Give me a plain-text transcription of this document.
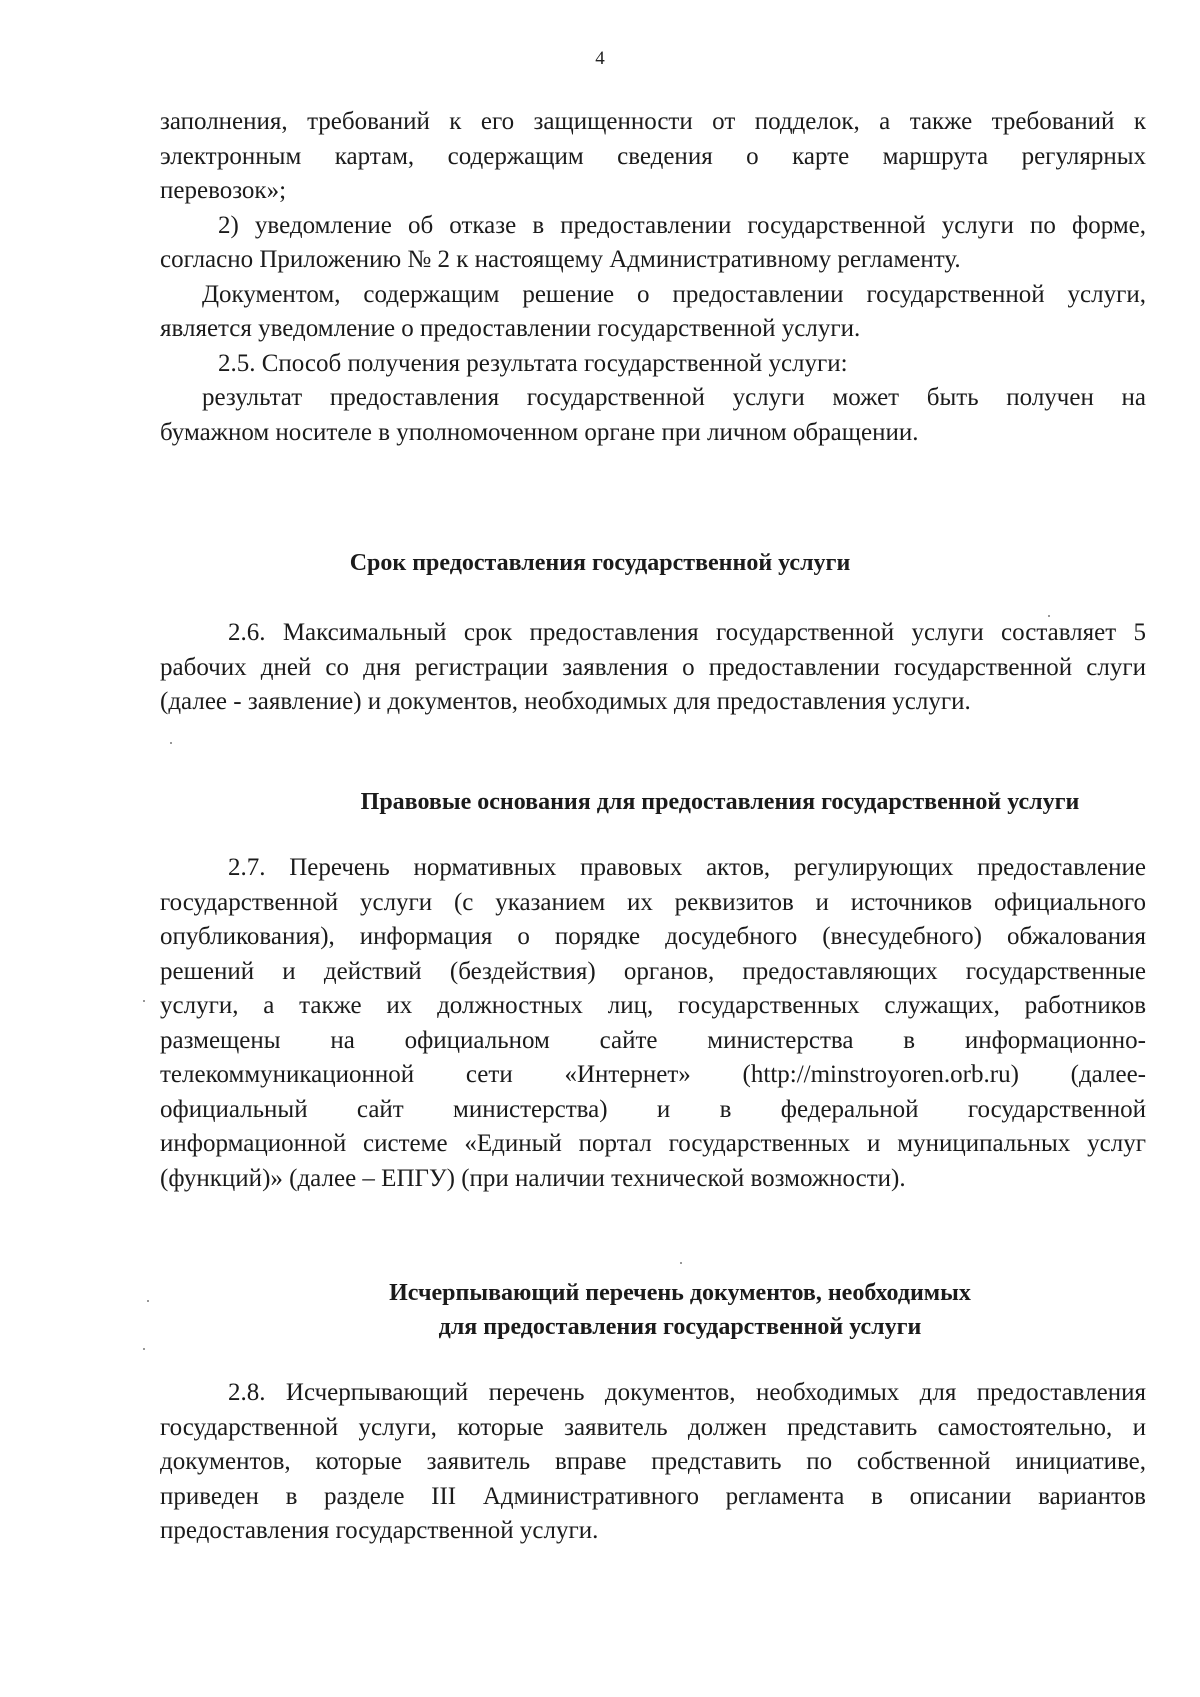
4

заполнения, требований к его защищенности от подделок, а также требований к

электронным картам, содержащим сведения о карте маршрута регулярных

перевозок»;

2) уведомление об отказе в предоставлении государственной услуги по форме,

согласно Приложению № 2 к настоящему Административному регламенту.

Документом, содержащим решение о предоставлении государственной услуги,

является уведомление о предоставлении государственной услуги.

2.5. Способ получения результата государственной услуги:

результат предоставления государственной услуги может быть получен на

бумажном носителе в уполномоченном органе при личном обращении.

Срок предоставления государственной услуги

2.6. Максимальный срок предоставления государственной услуги составляет 5

рабочих дней со дня регистрации заявления о предоставлении государственной слуги

(далее - заявление) и документов, необходимых для предоставления услуги.

Правовые основания для предоставления государственной услуги

2.7. Перечень нормативных правовых актов, регулирующих предоставление

государственной услуги (с указанием их реквизитов и источников официального

опубликования), информация о порядке досудебного (внесудебного) обжалования

решений и действий (бездействия) органов, предоставляющих государственные

услуги, а также их должностных лиц, государственных служащих, работников

размещены на официальном сайте министерства в информационно-

телекоммуникационной сети «Интернет» (http://minstroyoren.orb.ru) (далее-

официальный сайт министерства) и в федеральной государственной

информационной системе «Единый портал государственных и муниципальных услуг

(функций)» (далее – ЕПГУ) (при наличии технической возможности).

Исчерпывающий перечень документов, необходимых
для предоставления государственной услуги

2.8. Исчерпывающий перечень документов, необходимых для предоставления

государственной услуги, которые заявитель должен представить самостоятельно, и

документов, которые заявитель вправе представить по собственной инициативе,

приведен в разделе III Административного регламента в описании вариантов

предоставления государственной услуги.
